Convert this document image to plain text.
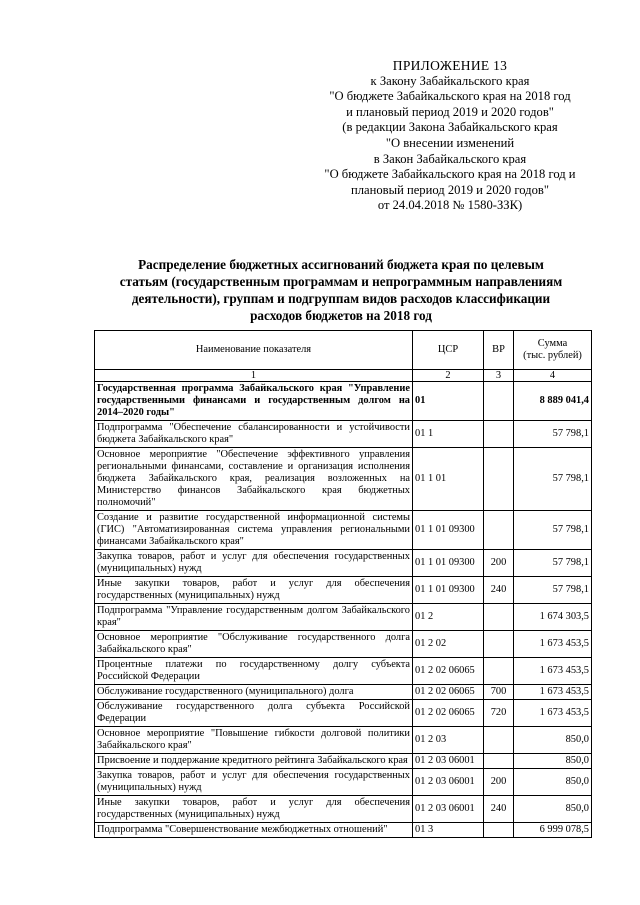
ПРИЛОЖЕНИЕ 13
к Закону Забайкальского края
"О бюджете Забайкальского края на 2018 год
и плановый период 2019 и 2020 годов"
(в редакции Закона Забайкальского края
"О внесении изменений
в Закон Забайкальского края
"О бюджете Забайкальского края на 2018 год и
плановый период 2019 и 2020 годов"
от 24.04.2018 № 1580-ЗЗК)
Распределение бюджетных ассигнований бюджета края по целевым
статьям (государственным программам и непрограммным направлениям
деятельности), группам и подгруппам видов расходов классификации
расходов бюджетов на 2018 год
Наименование показателя	ЦСР	ВР	Сумма
(тыс. рублей)

1	2	3	4
Государственная программа Забайкальского края "Управление государственными финансами и государственным долгом на 2014–2020 годы"	01		8 889 041,4
Подпрограмма "Обеспечение сбалансированности и устойчивости бюджета Забайкальского края"	01 1		57 798,1
Основное мероприятие "Обеспечение эффективного управления региональными финансами, составление и организация исполнения бюджета Забайкальского края, реализация возложенных на Министерство финансов Забайкальского края бюджетных полномочий"	01 1 01		57 798,1
Создание и развитие государственной информационной системы (ГИС) "Автоматизированная система управления региональными финансами Забайкальского края"	01 1 01 09300		57 798,1
Закупка товаров, работ и услуг для обеспечения государственных (муниципальных) нужд	01 1 01 09300	200	57 798,1
Иные закупки товаров, работ и услуг для обеспечения государственных (муниципальных) нужд	01 1 01 09300	240	57 798,1
Подпрограмма "Управление государственным долгом Забайкальского края"	01 2		1 674 303,5
Основное мероприятие "Обслуживание государственного долга Забайкальского края"	01 2 02		1 673 453,5
Процентные платежи по государственному долгу субъекта Российской Федерации	01 2 02 06065		1 673 453,5
Обслуживание государственного (муниципального) долга	01 2 02 06065	700	1 673 453,5
Обслуживание государственного долга субъекта Российской Федерации	01 2 02 06065	720	1 673 453,5
Основное мероприятие "Повышение гибкости долговой политики Забайкальского края"	01 2 03		850,0
Присвоение и поддержание кредитного рейтинга Забайкальского края	01 2 03 06001		850,0
Закупка товаров, работ и услуг для обеспечения государственных (муниципальных) нужд	01 2 03 06001	200	850,0
Иные закупки товаров, работ и услуг для обеспечения государственных (муниципальных) нужд	01 2 03 06001	240	850,0
Подпрограмма "Совершенствование межбюджетных отношений"	01 3		6 999 078,5
